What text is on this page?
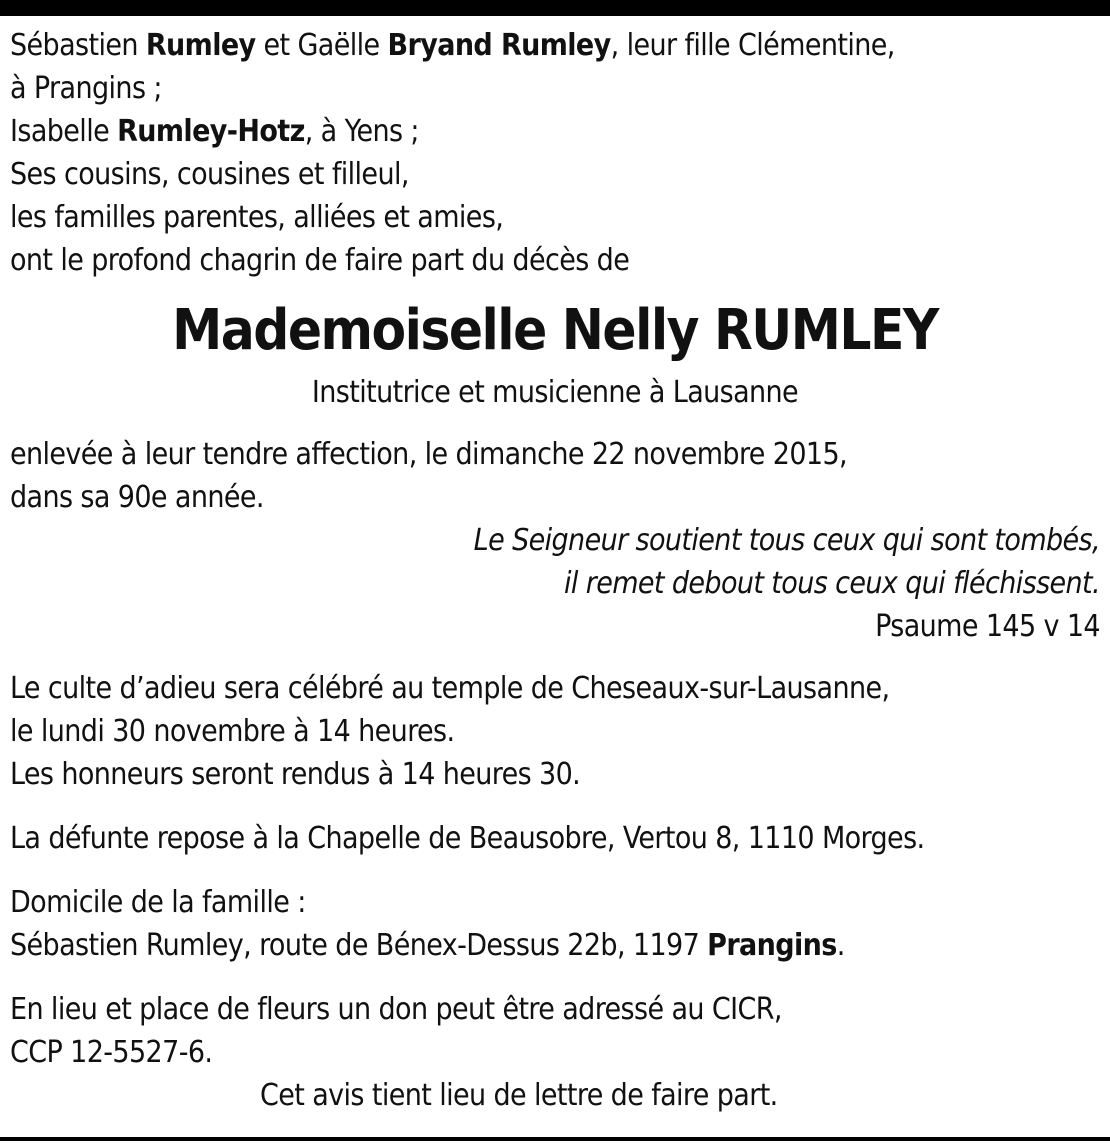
Sébastien Rumley et Gaëlle Bryand Rumley, leur fille Clémentine,
à Prangins ;
Isabelle Rumley-Hotz, à Yens ;
Ses cousins, cousines et filleul,
les familles parentes, alliées et amies,
ont le profond chagrin de faire part du décès de
Mademoiselle Nelly RUMLEY
Institutrice et musicienne à Lausanne
enlevée à leur tendre affection, le dimanche 22 novembre 2015,
dans sa 90e année.
Le Seigneur soutient tous ceux qui sont tombés,
il remet debout tous ceux qui fléchissent.
Psaume 145 v 14
Le culte d’adieu sera célébré au temple de Cheseaux-sur-Lausanne,
le lundi 30 novembre à 14 heures.
Les honneurs seront rendus à 14 heures 30.
La défunte repose à la Chapelle de Beausobre, Vertou 8, 1110 Morges.
Domicile de la famille :
Sébastien Rumley, route de Bénex-Dessus 22b, 1197 Prangins.
En lieu et place de fleurs un don peut être adressé au CICR,
CCP 12-5527-6.
Cet avis tient lieu de lettre de faire part.
